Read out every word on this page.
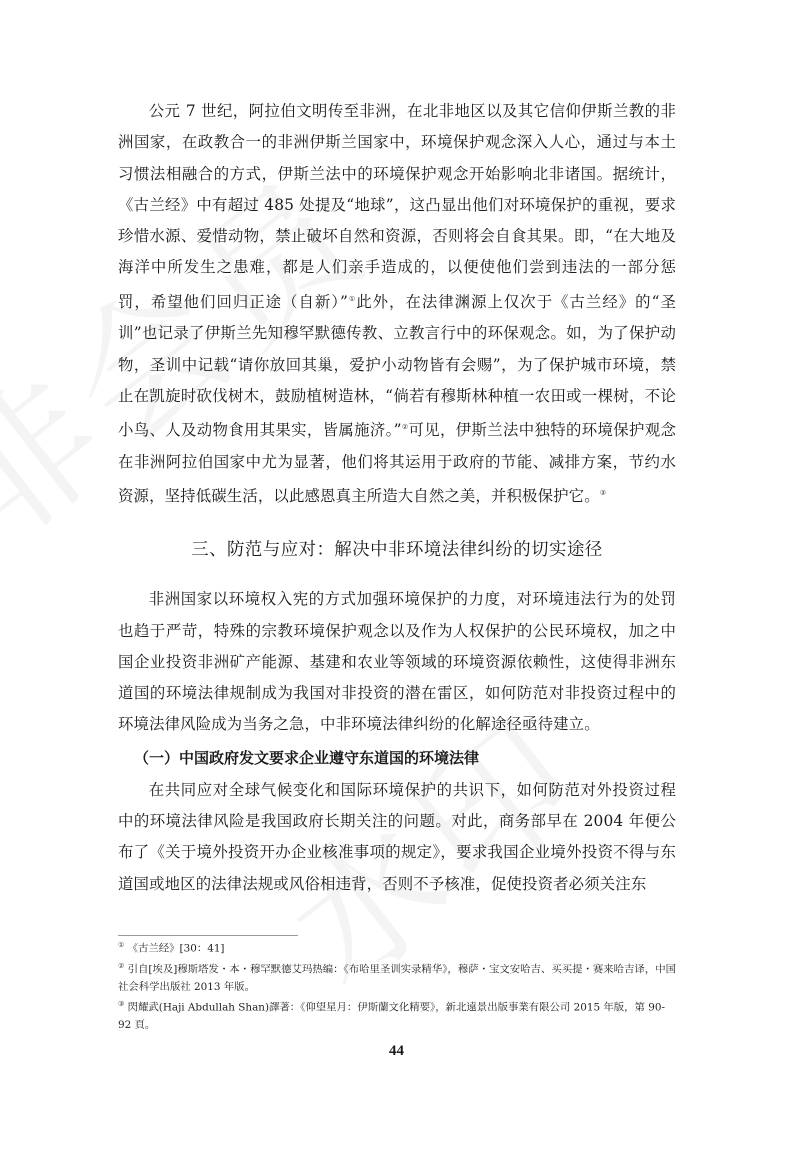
公元 7 世纪，阿拉伯文明传至非洲，在北非地区以及其它信仰伊斯兰教的非洲国家，在政教合一的非洲伊斯兰国家中，环境保护观念深入人心，通过与本土习惯法相融合的方式，伊斯兰法中的环境保护观念开始影响北非诸国。据统计，《古兰经》中有超过 485 处提及“地球”，这凸显出他们对环境保护的重视，要求珍惜水源、爱惜动物，禁止破坏自然和资源，否则将会自食其果。即，“在大地及海洋中所发生之患难，都是人们亲手造成的，以便使他们尝到违法的一部分惩罚，希望他们回归正途（自新）”①此外，在法律渊源上仅次于《古兰经》的“圣训”也记录了伊斯兰先知穆罕默德传教、立教言行中的环保观念。如，为了保护动物，圣训中记载“请你放回其巢，爱护小动物皆有会赐”，为了保护城市环境，禁止在凯旋时砍伐树木，鼓励植树造林，“倘若有穆斯林种植一农田或一棵树，不论小鸟、人及动物食用其果实，皆属施济。”②可见，伊斯兰法中独特的环境保护观念在非洲阿拉伯国家中尤为显著，他们将其运用于政府的节能、减排方案，节约水资源，坚持低碳生活，以此感恩真主所造大自然之美，并积极保护它。③

三、防范与应对：解决中非环境法律纠纷的切实途径

非洲国家以环境权入宪的方式加强环境保护的力度，对环境违法行为的处罚也趋于严苛，特殊的宗教环境保护观念以及作为人权保护的公民环境权，加之中国企业投资非洲矿产能源、基建和农业等领域的环境资源依赖性，这使得非洲东道国的环境法律规制成为我国对非投资的潜在雷区，如何防范对非投资过程中的环境法律风险成为当务之急，中非环境法律纠纷的化解途径亟待建立。

（一）中国政府发文要求企业遵守东道国的环境法律

在共同应对全球气候变化和国际环境保护的共识下，如何防范对外投资过程中的环境法律风险是我国政府长期关注的问题。对此，商务部早在 2004 年便公布了《关于境外投资开办企业核准事项的规定》，要求我国企业境外投资不得与东道国或地区的法律法规或风俗相违背，否则不予核准，促使投资者必须关注东

① 《古兰经》[30：41]

② 引自[埃及]穆斯塔发・本・穆罕默德艾玛热编：《布哈里圣训实录精华》，穆萨・宝文安哈吉、买买提・赛来哈吉译，中国社会科学出版社 2013 年版。

③ 閃耀武(Haji Abdullah Shan)譯著：《仰望星月：伊斯蘭文化精要》，新北遠景出版事業有限公司 2015 年版，第 90-92 頁。

44
